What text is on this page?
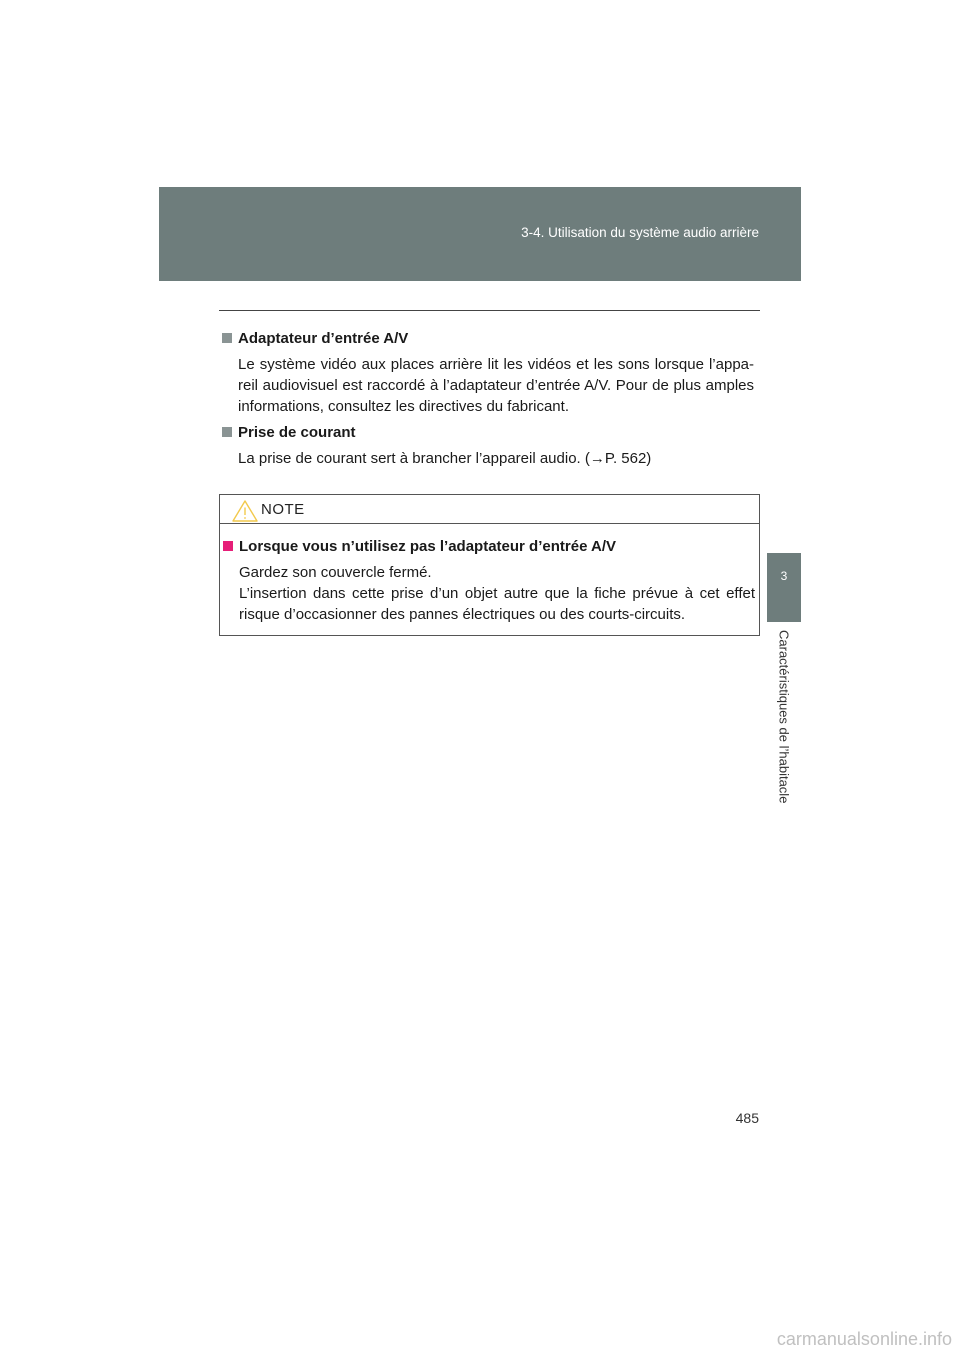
3-4. Utilisation du système audio arrière
3
Caractéristiques de l’habitacle
Adaptateur d’entrée A/V

Le système vidéo aux places arrière lit les vidéos et les sons lorsque l’appa-reil audiovisuel est raccordé à l’adaptateur d’entrée A/V. Pour de plus amples informations, consultez les directives du fabricant.

Prise de courant

La prise de courant sert à brancher l’appareil audio. (→P. 562)

NOTE
Lorsque vous n’utilisez pas l’adaptateur d’entrée A/V

Gardez son couvercle fermé.

L’insertion dans cette prise d’un objet autre que la fiche prévue à cet effet risque d’occasionner des pannes électriques ou des courts-circuits.

485
carmanualsonline.info
